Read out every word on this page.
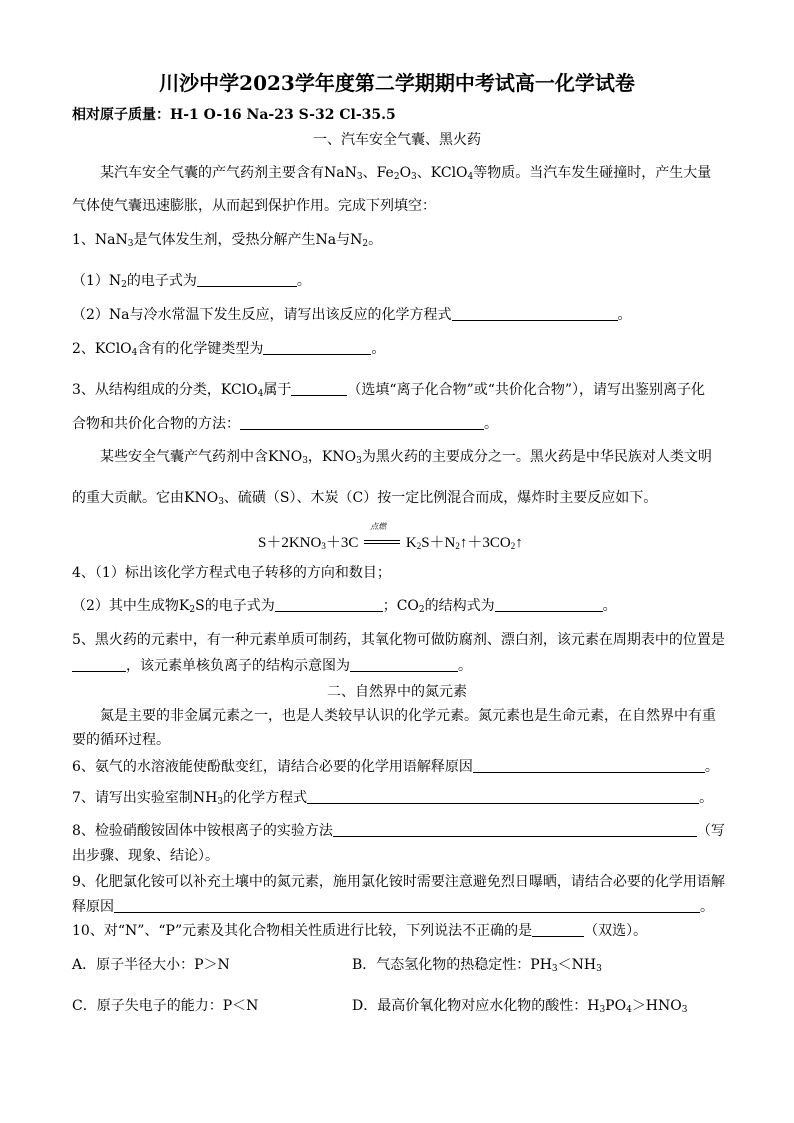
川沙中学2023学年度第二学期期中考试高一化学试卷
相对原子质量：H-1 O-16 Na-23 S-32 Cl-35.5
一、汽车安全气囊、黑火药
某汽车安全气囊的产气药剂主要含有NaN$_3$、$Fe_2O_3$、KClO$_4$等物质。当汽车发生碰撞时，产生大量
气体使气囊迅速膨胀，从而起到保护作用。完成下列填空：
1、NaN$_3$是气体发生剂，受热分解产生Na与$N_2$。
$(1)N_2$的电子式为	。
（2）Na与冷水常温下发生反应，请写出该反应的化学方程式	。
2、KClO$_4$含有的化学键类型为	。
3、从结构组成的分类，KClO$_4$属于	（选填“离子化合物”或“共价化合物”），请写出鉴别离子化
合物和共价化合物的方法：	。
某些安全气囊产气药剂中含$KNO_3$，$KNO_3$为黑火药的主要成分之一。黑火药是中华民族对人类文明
的重大贡献。它由$KNO_3$、硫磺（S）、木炭（C）按一定比例混合而成，爆炸时主要反应如下。
$S+2KNO_3+3C$
点燃
$K_2S+N_2↑+3CO_2↑$
4、（1）标出该化学方程式电子转移的方向和数目；
（2）其中生成物$K_2S$的电子式为	；$CO_2$的结构式为	。
5、黑火药的元素中，有一种元素单质可制药，其氧化物可做防腐剂、漂白剂，该元素在周期表中的位置是
，该元素单核负离子的结构示意图为	。
二、自然界中的氮元素
氮是主要的非金属元素之一，也是人类较早认识的化学元素。氮元素也是生命元素，在自然界中有重
要的循环过程。
6、氨气的水溶液能使酚酞变红，请结合必要的化学用语解释原因	。
7、请写出实验室制$NH_3$的化学方程式	。
8、检验硝酸铵固体中铵根离子的实验方法	（写
出步骤、现象、结论）。
9、化肥氯化铵可以补充土壤中的氮元素，施用氯化铵时需要注意避免烈日曝晒，请结合必要的化学用语解
释原因	。
10、对“N”、“P”元素及其化合物相关性质进行比较，下列说法不正确的是	（双选）。
A．原子半径大小：P＞N	B．气态氢化物的热稳定性：$PH_3<NH_3$
C．原子失电子的能力：P＜N	D．最高价氧化物对应水化物的酸性：$H_3PO_4>HNO_3$
